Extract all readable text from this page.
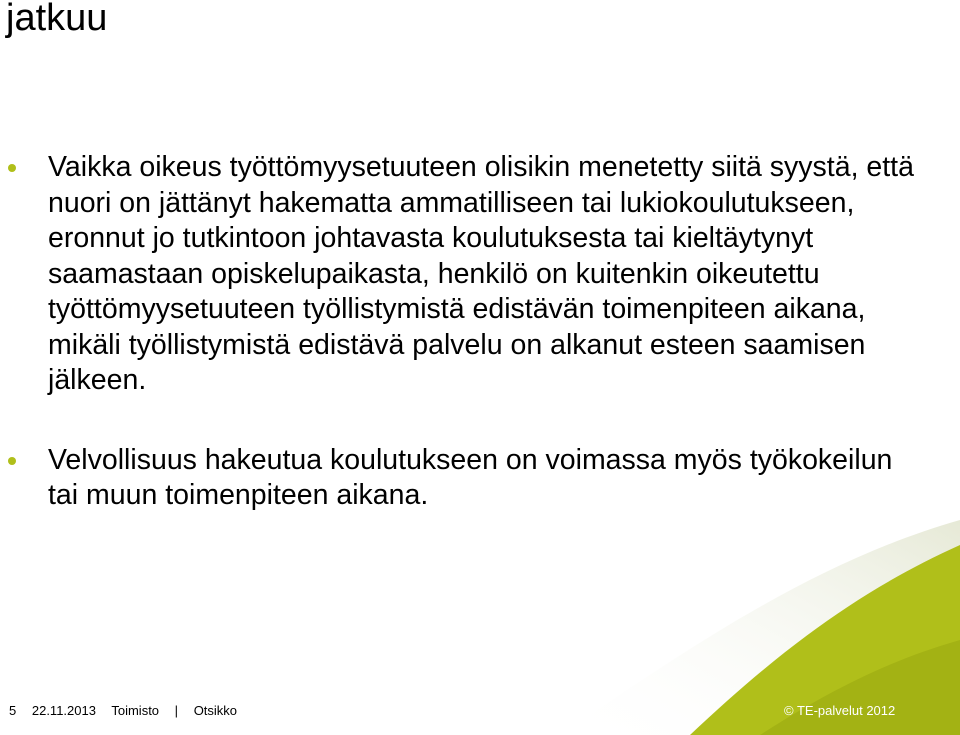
jatkuu
Vaikka oikeus työttömyysetuuteen olisikin menetetty siitä syystä, että nuori on jättänyt hakematta ammatilliseen tai lukiokoulutukseen, eronnut jo tutkintoon johtavasta koulutuksesta tai kieltäytynyt saamastaan opiskelupaikasta, henkilö on kuitenkin oikeutettu työttömyysetuuteen työllistymistä edistävän toimenpiteen aikana, mikäli työllistymistä edistävä palvelu on alkanut esteen saamisen jälkeen.
Velvollisuus hakeutua koulutukseen on voimassa myös työkokeilun tai muun toimenpiteen aikana.
5 22.11.2013 Toimisto | Otsikko	© TE-palvelut 2012
